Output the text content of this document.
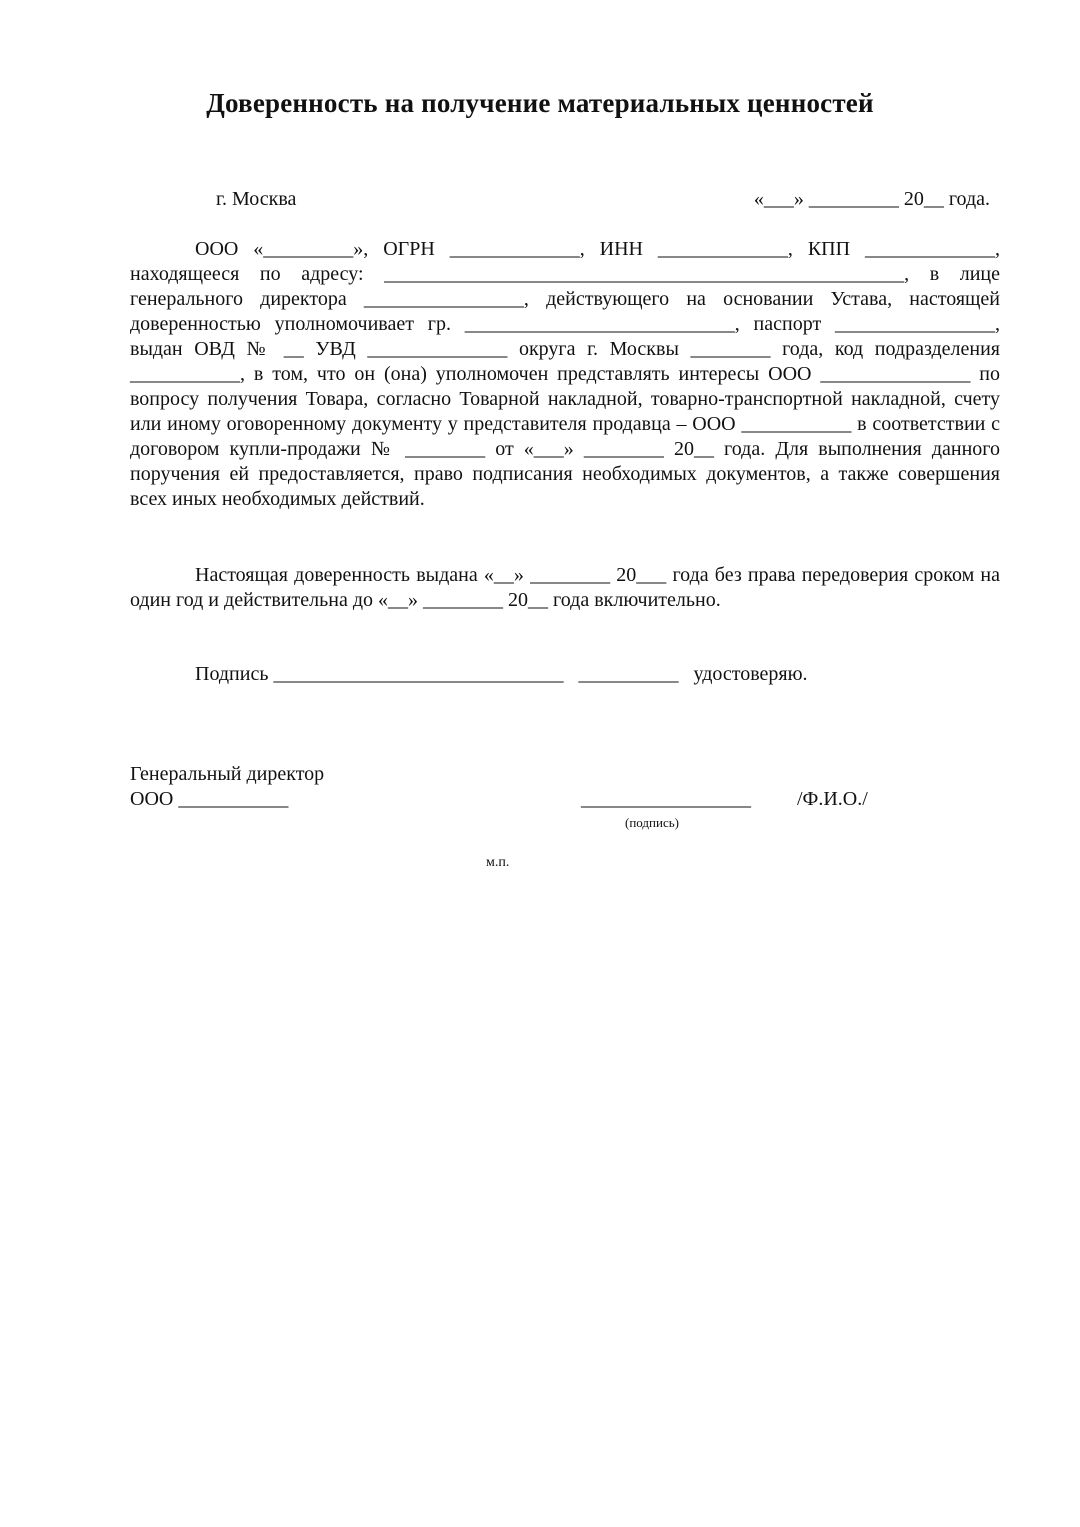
Доверенность на получение материальных ценностей
г. Москва	«___» _________ 20__ года.

ООО «_________», ОГРН _____________, ИНН _____________, КПП _____________, находящееся по адресу: ____________________________________________________, в лице генерального директора ________________, действующего на основании Устава, настоящей доверенностью уполномочивает гр. ___________________________, паспорт ________________, выдан ОВД № __ УВД ______________ округа г. Москвы ________ года, код подразделения ___________, в том, что он (она) уполномочен представлять интересы ООО _______________ по вопросу получения Товара, согласно Товарной накладной, товарно-транспортной накладной, счету или иному оговоренному документу у представителя продавца – ООО ___________ в соответствии с договором купли-продажи № ________ от «___» ________ 20__ года. Для выполнения данного поручения ей предоставляется, право подписания необходимых документов, а также совершения всех иных необходимых действий.

Настоящая доверенность выдана «__» ________ 20___ года без права передоверия сроком на один год и действительна до «__» ________ 20__ года включительно.

Подпись _____________________________   __________   удостоверяю.
Генеральный директор
ООО ___________	_________________ /Ф.И.О./
(подпись)
м.п.
